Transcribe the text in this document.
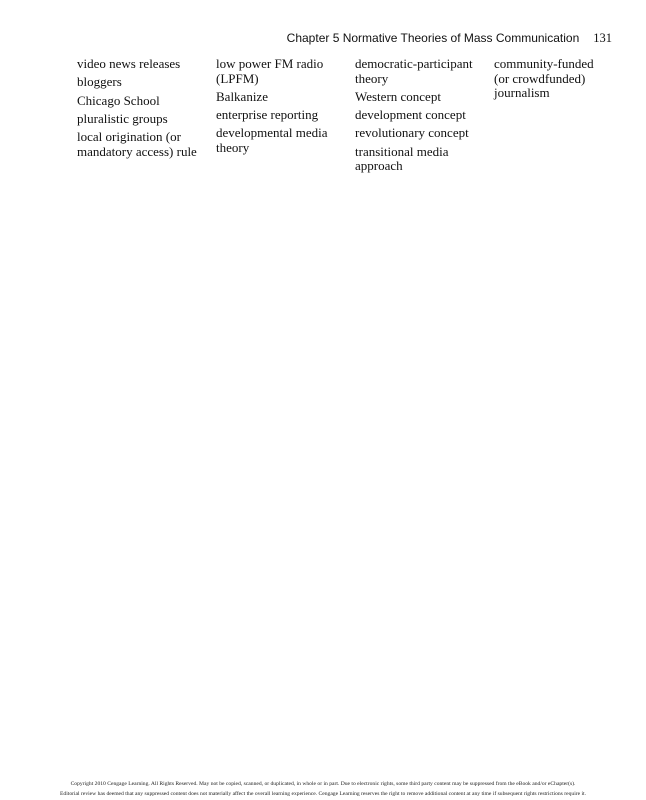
Chapter 5 Normative Theories of Mass Communication 131
video news releases
bloggers
Chicago School
pluralistic groups
local origination (or mandatory access) rule
low power FM radio (LPFM)
Balkanize
enterprise reporting
developmental media theory
democratic-participant theory
Western concept
development concept
revolutionary concept
transitional media approach
community-funded (or crowdfunded) journalism
Copyright 2010 Cengage Learning. All Rights Reserved. May not be copied, scanned, or duplicated, in whole or in part. Due to electronic rights, some third party content may be suppressed from the eBook and/or eChapter(s).
Editorial review has deemed that any suppressed content does not materially affect the overall learning experience. Cengage Learning reserves the right to remove additional content at any time if subsequent rights restrictions require it.
